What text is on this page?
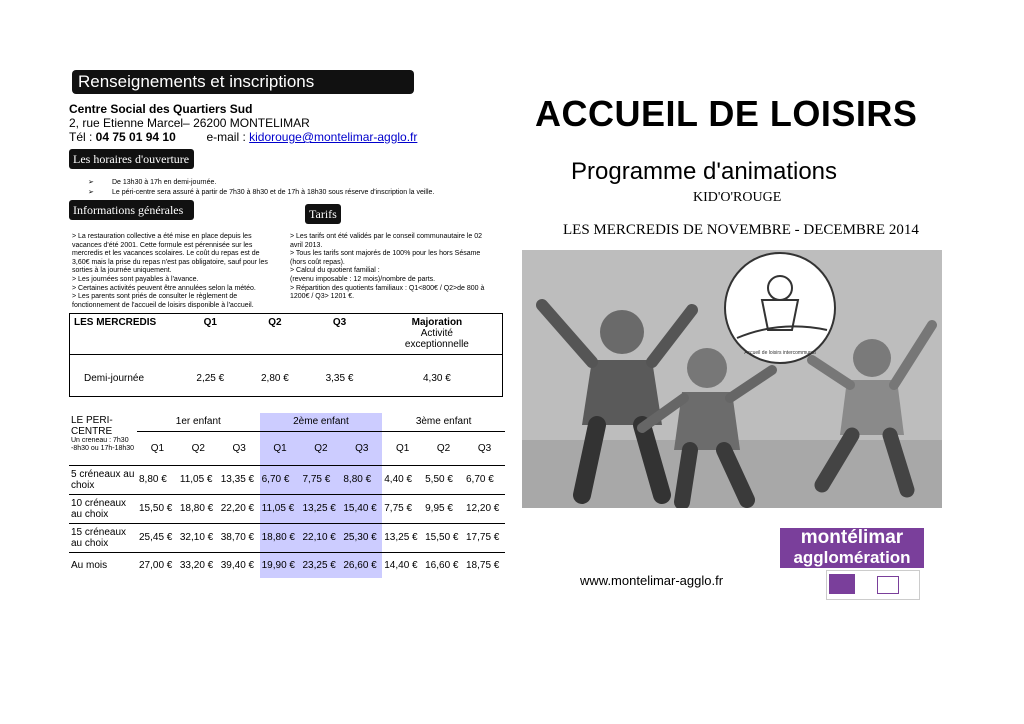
Renseignements et inscriptions
Centre Social des Quartiers Sud
2, rue Etienne Marcel– 26200 MONTELIMAR
Tél : 04 75 01 94 10	e-mail : kidorouge@montelimar-agglo.fr
Les horaires d'ouverture
➢	De 13h30 à 17h en demi-journée.
➢	Le péri-centre sera assuré à partir de 7h30 à 8h30 et de 17h à 18h30 sous réserve d'inscription la veille.
Informations générales	Tarifs
> La restauration collective a été mise en place depuis les
vacances d'été 2001. Cette formule est pérennisée sur les
mercredis et les vacances scolaires. Le coût du repas est de
3,60€ mais la prise du repas n'est pas obligatoire, sauf pour les
sorties à la journée uniquement.
> Les journées sont payables à l'avance.
> Certaines activités peuvent être annulées selon la météo.
> Les parents sont priés de consulter le règlement de
fonctionnement de l'accueil de loisirs disponible à l'accueil.
> Les tarifs ont été validés par le conseil communautaire le 02
avril 2013.
> Tous les tarifs sont majorés de 100% pour les hors Sésame
(hors coût repas).
> Calcul du quotient familial :
(revenu imposable : 12 mois)/nombre de parts.
> Répartition des quotients familiaux : Q1<800€ / Q2>de 800 à
1200€ / Q3> 1201 €.
LES MERCREDIS	Q1	Q2	Q3	Majoration
Activité
exceptionnelle

Demi-journée	2,25 €	2,80 €	3,35 €	4,30 €
LE PERI-CENTRE
Un creneau : 7h30 -8h30 ou 17h-18h30	1er enfant			2ème enfant			3ème enfant		
	Q1	Q2	Q3	Q1	Q2	Q3	Q1	Q2	Q3
5 créneaux au choix	8,80 €	11,05 €	13,35 €	6,70 €	7,75 €	8,80 €	4,40 €	5,50 €	6,70 €
10 créneaux au choix	15,50 €	18,80 €	22,20 €	11,05 €	13,25 €	15,40 €	7,75 €	9,95 €	12,20 €
15 créneaux au choix	25,45 €	32,10 €	38,70 €	18,80 €	22,10 €	25,30 €	13,25 €	15,50 €	17,75 €
Au mois	27,00 €	33,20 €	39,40 €	19,90 €	23,25 €	26,60 €	14,40 €	16,60 €	18,75 €
ACCUEIL DE LOISIRS
Programme d'animations
KID'O'ROUGE
LES MERCREDIS DE NOVEMBRE - DECEMBRE 2014
Accueil de loisirs intercommunal
montélimar
agglomération
www.montelimar-agglo.fr
